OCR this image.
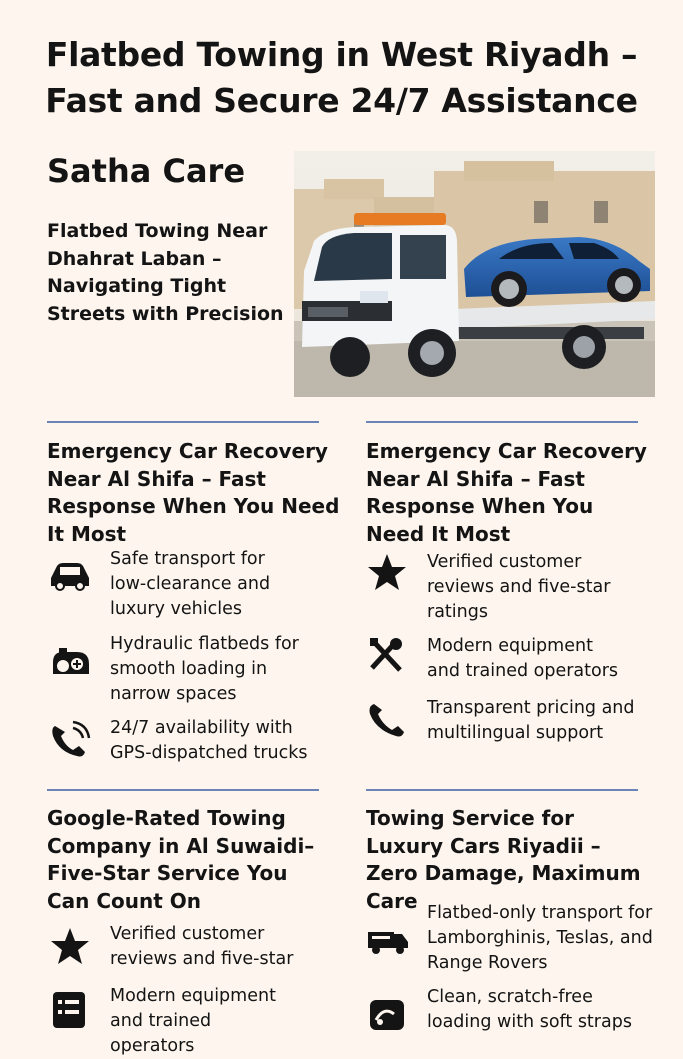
Flatbed Towing in West Riyadh –
Fast and Secure 24/7 Assistance
Satha Care
Flatbed Towing Near Dhahrat Laban – Navigating Tight Streets with Precision
Emergency Car Recovery Near Al Shifa – Fast Response When You Need It Most
Safe transport for low-clearance and luxury vehicles
Hydraulic flatbeds for smooth loading in narrow spaces
24/7 availability with GPS-dispatched trucks
Emergency Car Recovery Near Al Shifa – Fast Response When You Need It Most
Verified customer reviews and five-star ratings
Modern equipment and trained operators
Transparent pricing and multilingual support
Google-Rated Towing Company in Al Suwaidi– Five-Star Service You Can Count On
Verified customer reviews and five-star
Modern equipment and trained operators
Towing Service for Luxury Cars Riyadii – Zero Damage, Maximum Care
Flatbed-only transport for Lamborghinis, Teslas, and Range Rovers
Clean, scratch-free loading with soft straps
